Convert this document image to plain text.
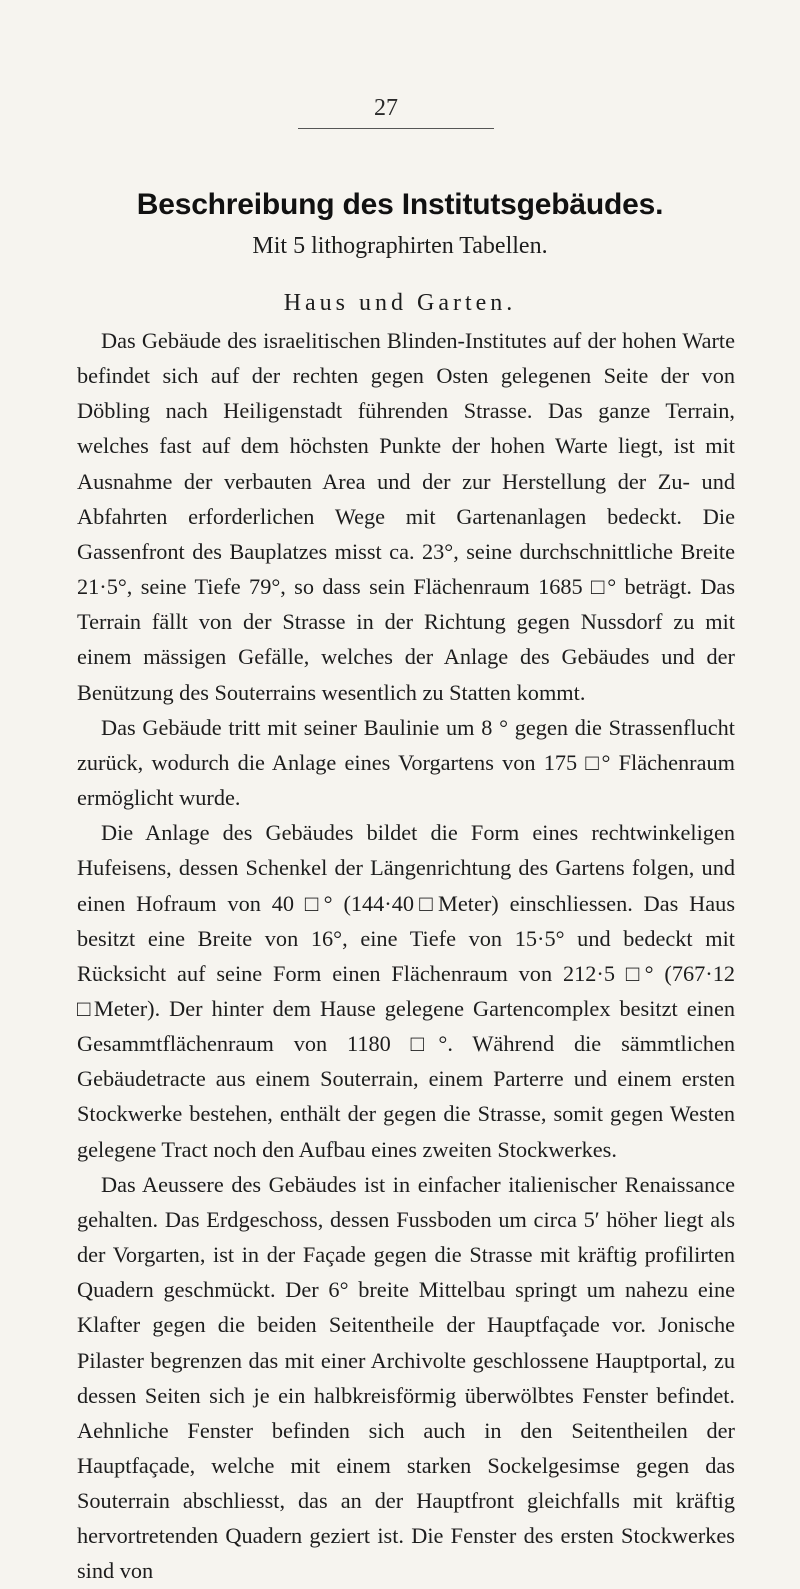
27
Beschreibung des Institutsgebäudes.
Mit 5 lithographirten Tabellen.
Haus und Garten.

Das Gebäude des israelitischen Blinden-Institutes auf der hohen Warte befindet sich auf der rechten gegen Osten gelegenen Seite der von Döbling nach Heiligenstadt führenden Strasse. Das ganze Terrain, welches fast auf dem höchsten Punkte der hohen Warte liegt, ist mit Ausnahme der verbauten Area und der zur Herstellung der Zu- und Abfahrten erforderlichen Wege mit Gartenanlagen bedeckt. Die Gassenfront des Bauplatzes misst ca. 23°, seine durchschnittliche Breite 21·5°, seine Tiefe 79°, so dass sein Flächenraum 1685 □° beträgt. Das Terrain fällt von der Strasse in der Richtung gegen Nussdorf zu mit einem mässigen Gefälle, welches der Anlage des Gebäudes und der Benützung des Souterrains wesentlich zu Statten kommt.

Das Gebäude tritt mit seiner Baulinie um 8 ° gegen die Strassenflucht zurück, wodurch die Anlage eines Vorgartens von 175 □° Flächenraum ermöglicht wurde.

Die Anlage des Gebäudes bildet die Form eines rechtwinkeligen Hufeisens, dessen Schenkel der Längenrichtung des Gartens folgen, und einen Hofraum von 40 □° (144·40□Meter) einschliessen. Das Haus besitzt eine Breite von 16°, eine Tiefe von 15·5° und bedeckt mit Rücksicht auf seine Form einen Flächenraum von 212·5 □° (767·12 □Meter). Der hinter dem Hause gelegene Gartencomplex besitzt einen Gesammtflächenraum von 1180 □°. Während die sämmtlichen Gebäudetracte aus einem Souterrain, einem Parterre und einem ersten Stockwerke bestehen, enthält der gegen die Strasse, somit gegen Westen gelegene Tract noch den Aufbau eines zweiten Stockwerkes.

Das Aeussere des Gebäudes ist in einfacher italienischer Renaissance gehalten. Das Erdgeschoss, dessen Fussboden um circa 5′ höher liegt als der Vorgarten, ist in der Façade gegen die Strasse mit kräftig profilirten Quadern geschmückt. Der 6° breite Mittelbau springt um nahezu eine Klafter gegen die beiden Seitentheile der Hauptfaçade vor. Jonische Pilaster begrenzen das mit einer Archivolte geschlossene Hauptportal, zu dessen Seiten sich je ein halbkreisförmig überwölbtes Fenster befindet. Aehnliche Fenster befinden sich auch in den Seitentheilen der Hauptfaçade, welche mit einem starken Sockelgesimse gegen das Souterrain abschliesst, das an der Hauptfront gleichfalls mit kräftig hervortretenden Quadern geziert ist. Die Fenster des ersten Stockwerkes sind von
